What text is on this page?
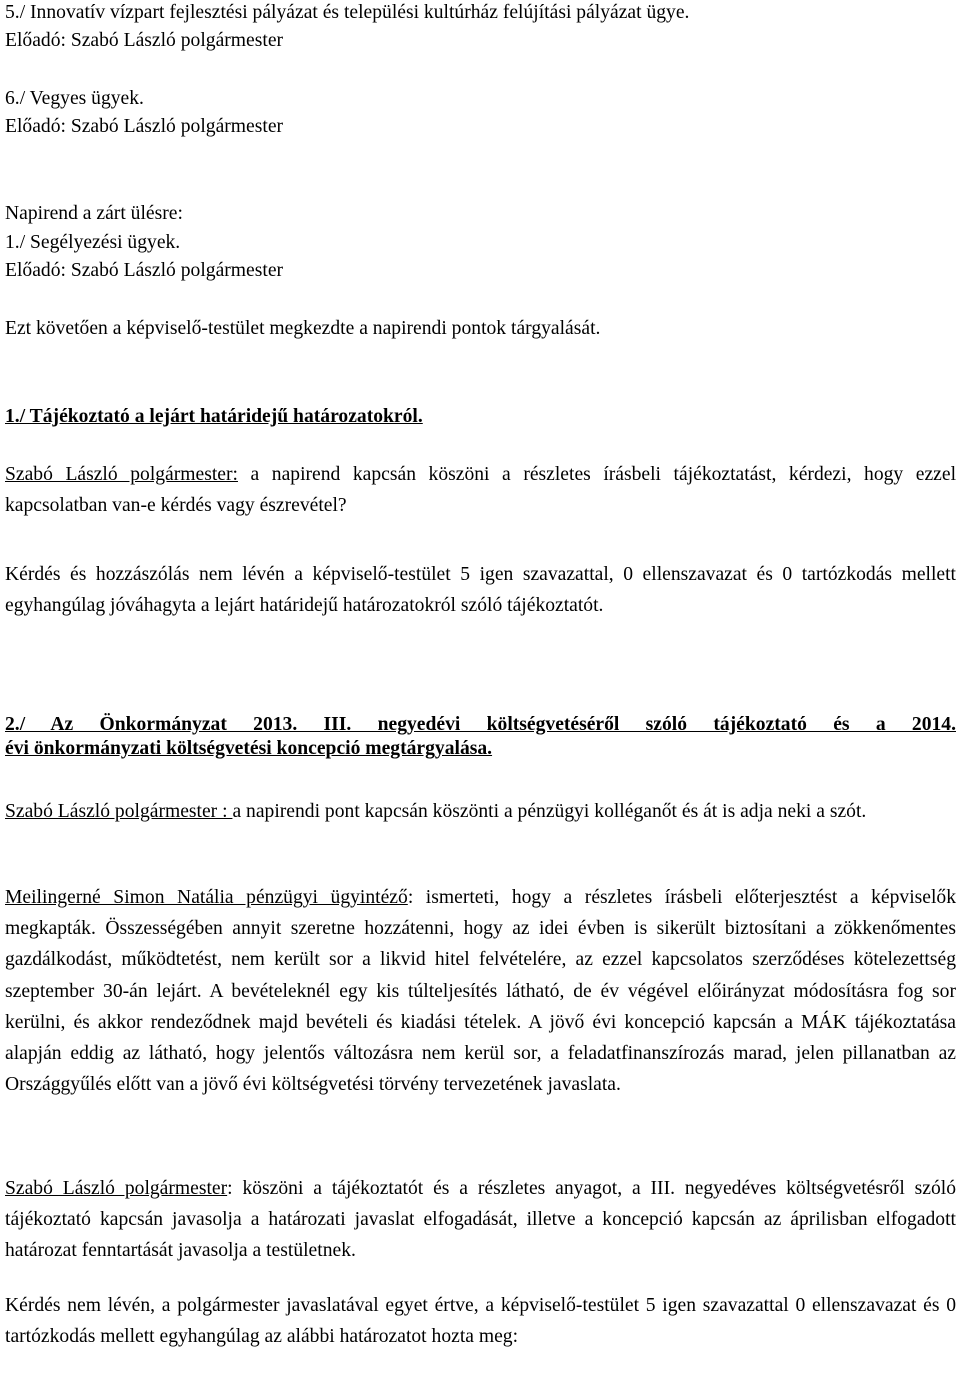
5./ Innovatív vízpart fejlesztési pályázat és települési kultúrház felújítási pályázat ügye.
Előadó: Szabó László polgármester
6./ Vegyes ügyek.
Előadó: Szabó László polgármester
Napirend a zárt ülésre:
1./ Segélyezési ügyek.
Előadó: Szabó László polgármester
Ezt követően a képviselő-testület megkezdte a napirendi pontok tárgyalását.
1./ Tájékoztató a lejárt határidejű határozatokról.
Szabó László polgármester: a napirend kapcsán köszöni a részletes írásbeli tájékoztatást, kérdezi, hogy ezzel kapcsolatban van-e kérdés vagy észrevétel?
Kérdés és hozzászólás nem lévén a képviselő-testület 5 igen szavazattal, 0 ellenszavazat és 0 tartózkodás mellett egyhangúlag jóváhagyta a lejárt határidejű határozatokról szóló tájékoztatót.
2./ Az Önkormányzat 2013. III. negyedévi költségvetéséről szóló tájékoztató és a 2014.
évi önkormányzati költségvetési koncepció megtárgyalása.
Szabó László polgármester : a napirendi pont kapcsán köszönti a pénzügyi kolléganőt és át is adja neki a szót.
Meilingerné Simon Natália pénzügyi ügyintéző: ismerteti, hogy a részletes írásbeli előterjesztést a képviselők megkapták. Összességében annyit szeretne hozzátenni, hogy az idei évben is sikerült biztosítani a zökkenőmentes gazdálkodást, működtetést, nem került sor a likvid hitel felvételére, az ezzel kapcsolatos szerződéses kötelezettség szeptember 30-án lejárt. A bevételeknél egy kis túlteljesítés látható, de év végével előirányzat módosításra fog sor kerülni, és akkor rendeződnek majd bevételi és kiadási tételek. A jövő évi koncepció kapcsán a MÁK tájékoztatása alapján eddig az látható, hogy jelentős változásra nem kerül sor, a feladatfinanszírozás marad, jelen pillanatban az Országgyűlés előtt van a jövő évi költségvetési törvény tervezetének javaslata.
Szabó László polgármester: köszöni a tájékoztatót és a részletes anyagot, a III. negyedéves költségvetésről szóló tájékoztató kapcsán javasolja a határozati javaslat elfogadását, illetve a koncepció kapcsán az áprilisban elfogadott határozat fenntartását javasolja a testületnek.
Kérdés nem lévén, a polgármester javaslatával egyet értve, a képviselő-testület 5 igen szavazattal 0 ellenszavazat és 0 tartózkodás mellett egyhangúlag az alábbi határozatot hozta meg:
